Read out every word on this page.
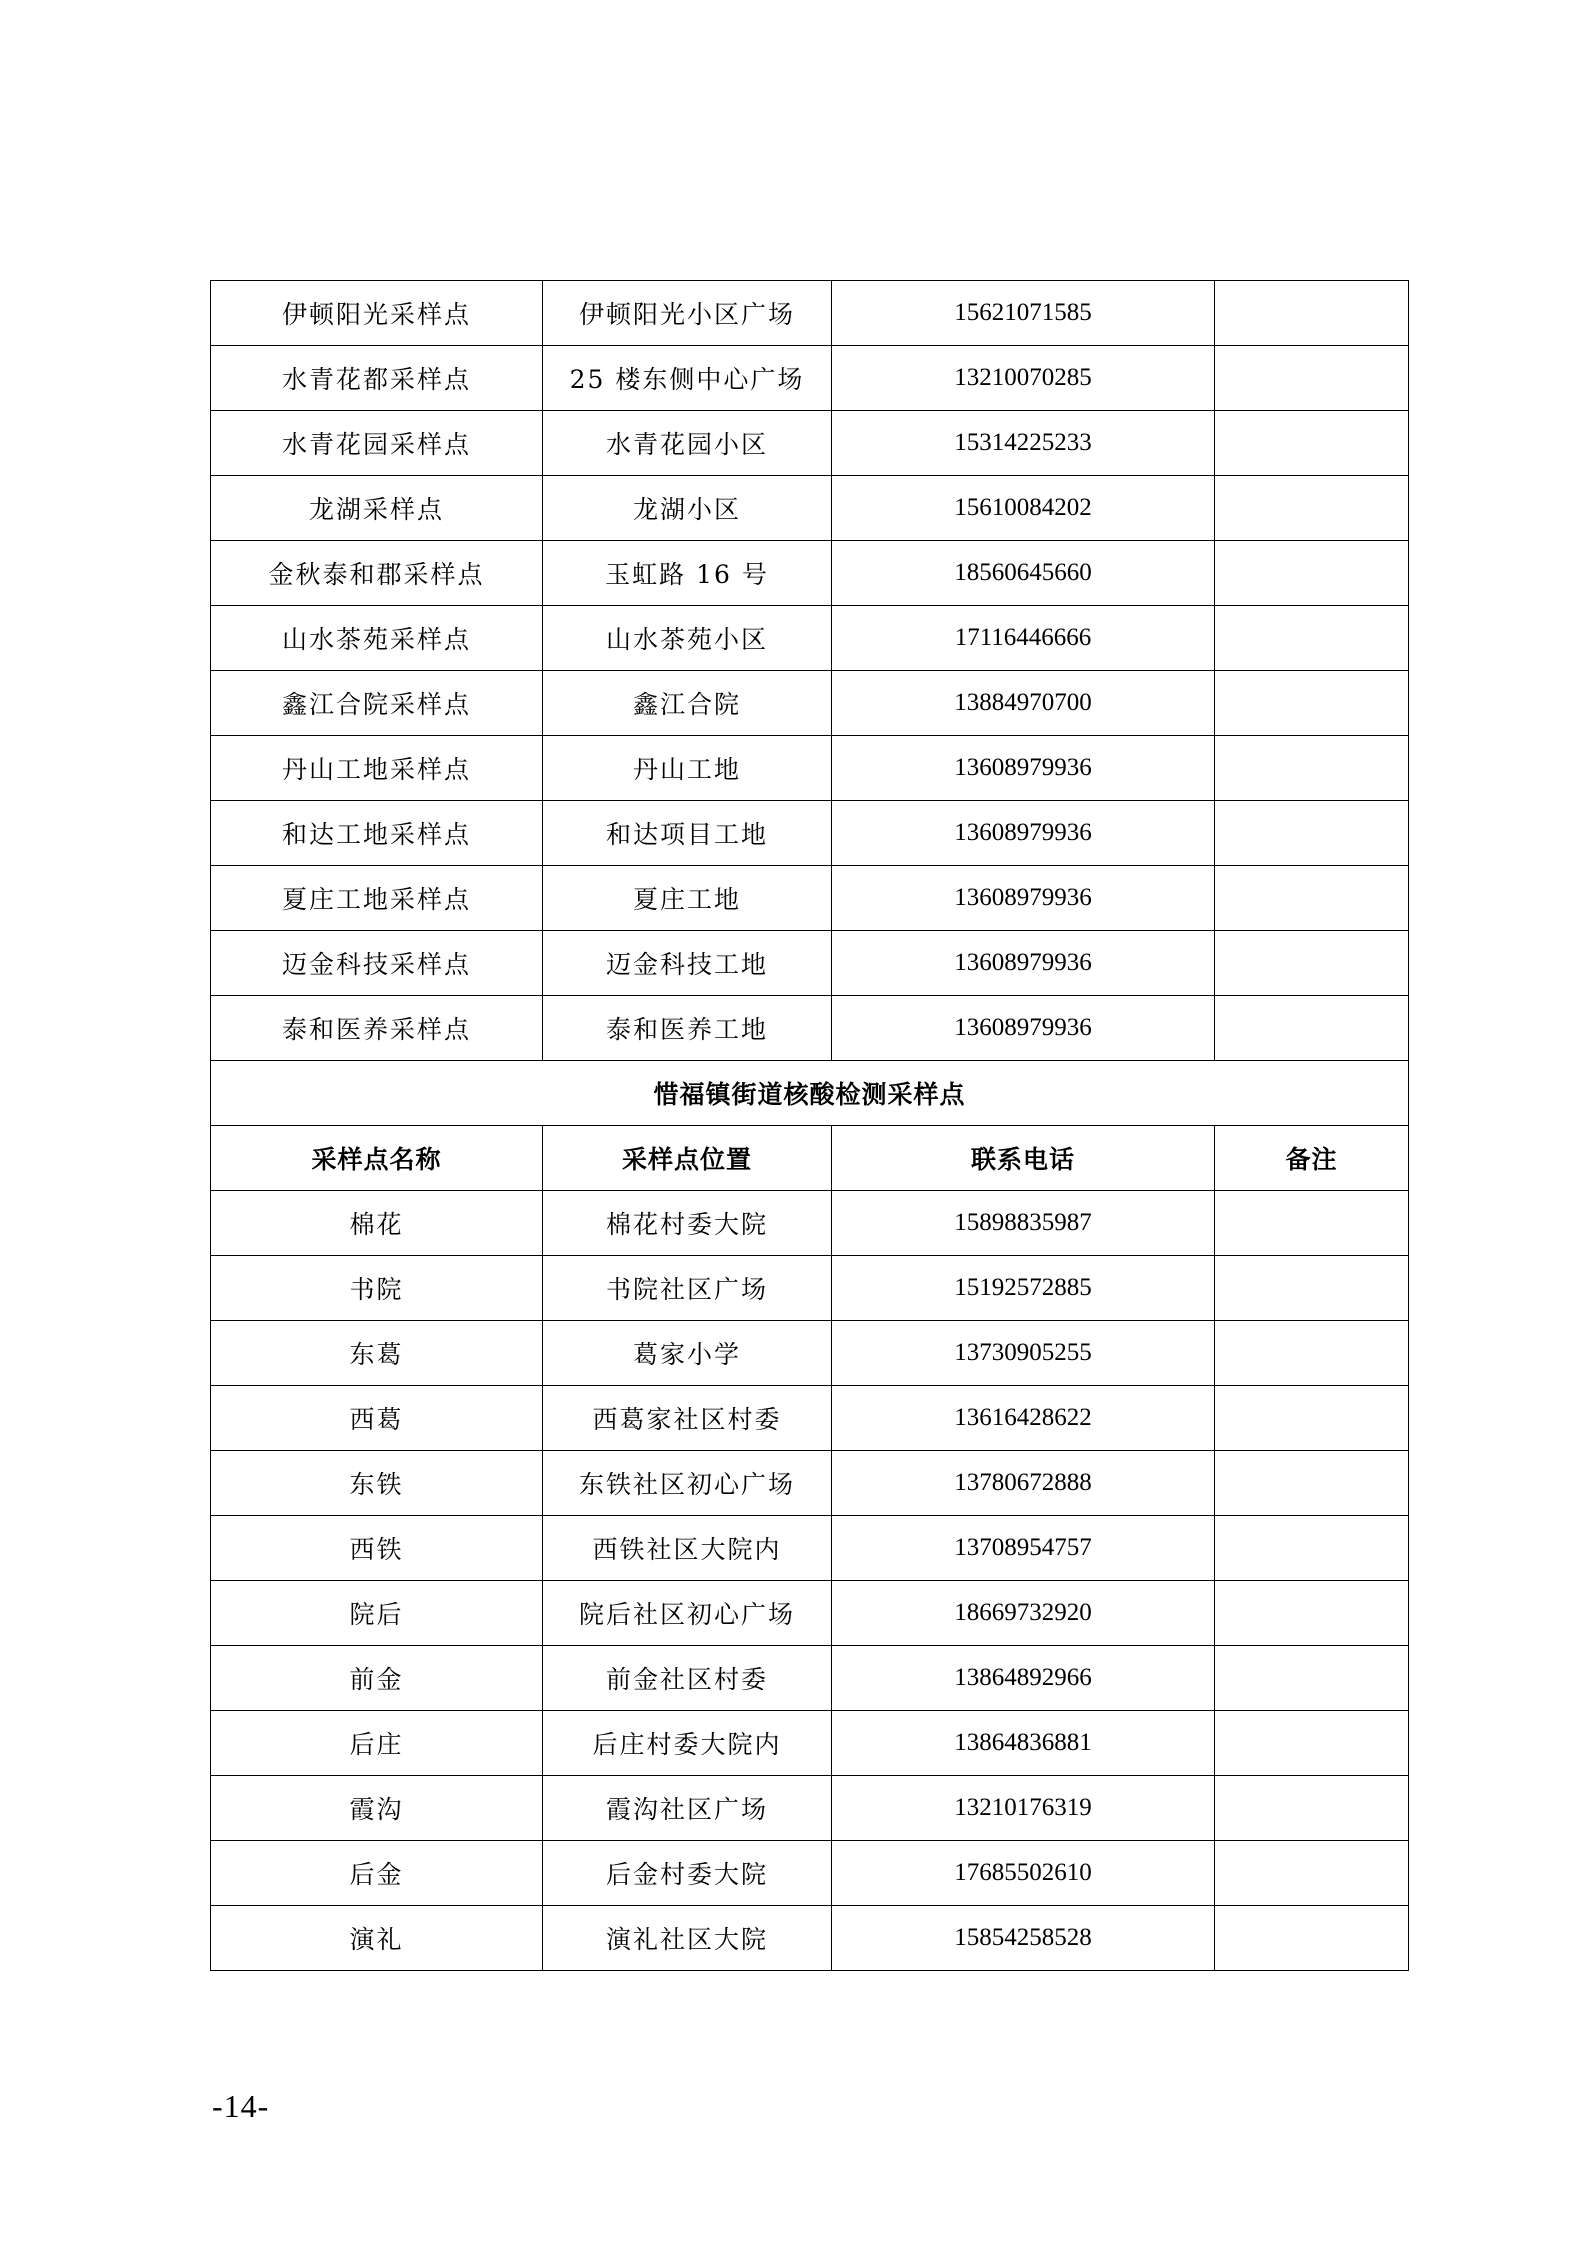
伊顿阳光采样点	伊顿阳光小区广场	15621071585	
水青花都采样点	25 楼东侧中心广场	13210070285	
水青花园采样点	水青花园小区	15314225233	
龙湖采样点	龙湖小区	15610084202	
金秋泰和郡采样点	玉虹路 16 号	18560645660	
山水茶苑采样点	山水茶苑小区	17116446666	
鑫江合院采样点	鑫江合院	13884970700	
丹山工地采样点	丹山工地	13608979936	
和达工地采样点	和达项目工地	13608979936	
夏庄工地采样点	夏庄工地	13608979936	
迈金科技采样点	迈金科技工地	13608979936	
泰和医养采样点	泰和医养工地	13608979936	
惜福镇街道核酸检测采样点			
采样点名称	采样点位置	联系电话	备注
棉花	棉花村委大院	15898835987	
书院	书院社区广场	15192572885	
东葛	葛家小学	13730905255	
西葛	西葛家社区村委	13616428622	
东铁	东铁社区初心广场	13780672888	
西铁	西铁社区大院内	13708954757	
院后	院后社区初心广场	18669732920	
前金	前金社区村委	13864892966	
后庄	后庄村委大院内	13864836881	
霞沟	霞沟社区广场	13210176319	
后金	后金村委大院	17685502610	
演礼	演礼社区大院	15854258528	
-14-
